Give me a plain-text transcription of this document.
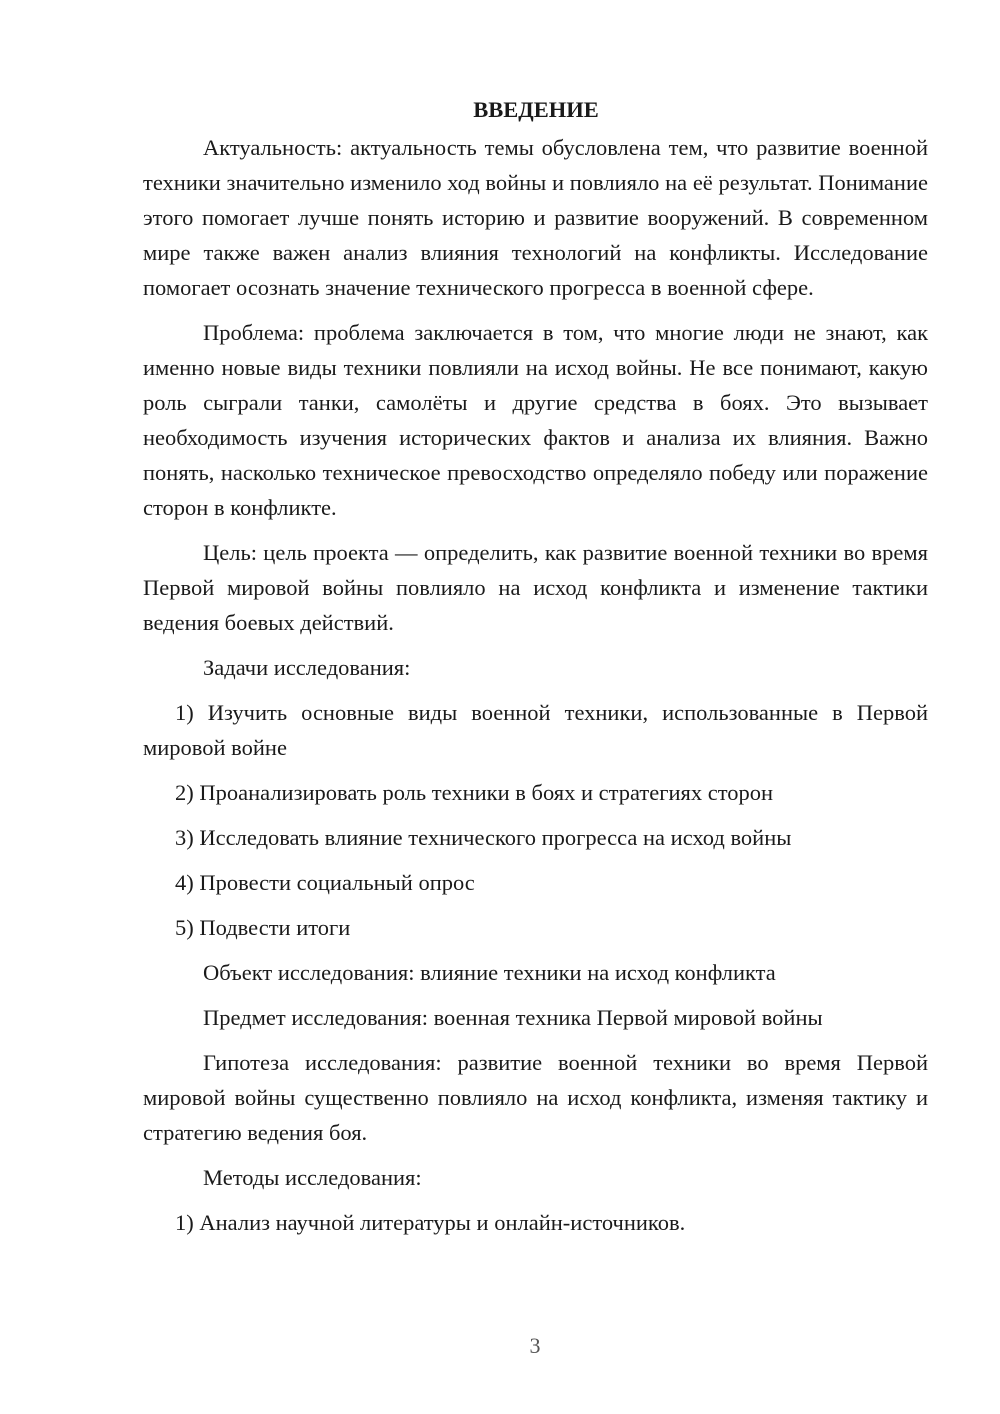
ВВЕДЕНИЕ

Актуальность: актуальность темы обусловлена тем, что развитие военной техники значительно изменило ход войны и повлияло на её результат. Понимание этого помогает лучше понять историю и развитие вооружений. В современном мире также важен анализ влияния технологий на конфликты. Исследование помогает осознать значение технического прогресса в военной сфере.

Проблема: проблема заключается в том, что многие люди не знают, как именно новые виды техники повлияли на исход войны. Не все понимают, какую роль сыграли танки, самолёты и другие средства в боях. Это вызывает необходимость изучения исторических фактов и анализа их влияния. Важно понять, насколько техническое превосходство определяло победу или поражение сторон в конфликте.

Цель: цель проекта — определить, как развитие военной техники во время Первой мировой войны повлияло на исход конфликта и изменение тактики ведения боевых действий.

Задачи исследования:

1) Изучить основные виды военной техники, использованные в Первой мировой войне

2) Проанализировать роль техники в боях и стратегиях сторон

3) Исследовать влияние технического прогресса на исход войны

4) Провести социальный опрос

5) Подвести итоги

Объект исследования: влияние техники на исход конфликта

Предмет исследования: военная техника Первой мировой войны

Гипотеза исследования: развитие военной техники во время Первой мировой войны существенно повлияло на исход конфликта, изменяя тактику и стратегию ведения боя.

Методы исследования:

1) Анализ научной литературы и онлайн-источников.

3
